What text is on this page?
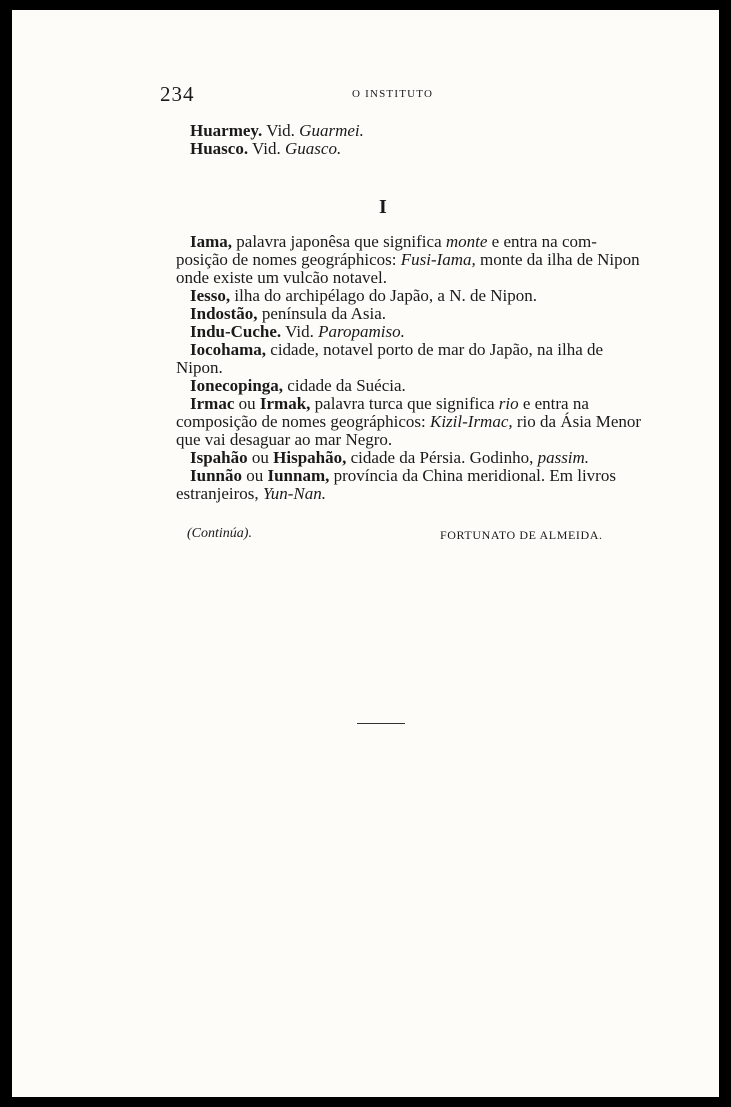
234	O INSTITUTO

Huarmey. Vid. Guarmei.

Huasco. Vid. Guasco.

I

Iama, palavra japonêsa que significa monte e entra na com- posição de nomes geográphicos: Fusi-Iama, monte da ilha de Nipon onde existe um vulcão notavel.

Iesso, ilha do archipélago do Japão, a N. de Nipon.

Indostão, península da Asia.

Indu-Cuche. Vid. Paropamiso.

Iocohama, cidade, notavel porto de mar do Japão, na ilha de Nipon.

Ionecopinga, cidade da Suécia.

Irmac ou Irmak, palavra turca que significa rio e entra na composição de nomes geográphicos: Kizil-Irmac, rio da Ásia Menor que vai desaguar ao mar Negro.

Ispahão ou Hispahão, cidade da Pérsia. Godinho, passim.

Iunnão ou Iunnam, província da China meridional. Em livros estranjeiros, Yun-Nan.

(Continúa).	FORTUNATO DE ALMEIDA.
